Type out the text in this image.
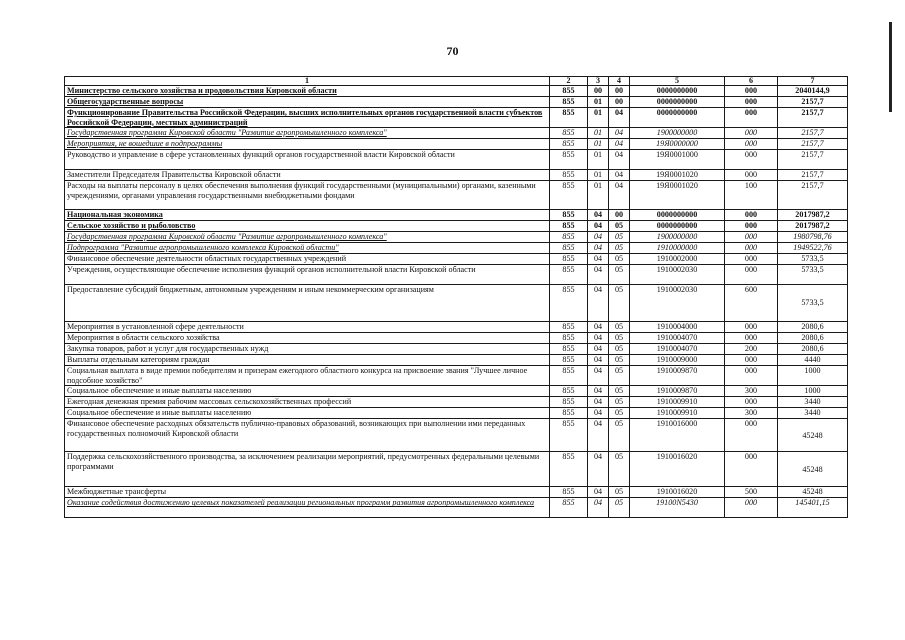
70
1	2	3	4	5	6	7
Министерство сельского хозяйства и продовольствия Кировской области	855	00	00	0000000000	000	2040144,9
Общегосударственные вопросы	855	01	00	0000000000	000	2157,7
Функционирование Правительства Российской Федерации, высших исполнительных органов государственной власти субъектов Российской Федерации, местных администраций	855	01	04	0000000000	000	2157,7
Государственная программа Кировской области "Развитие агропромышленного комплекса"	855	01	04	1900000000	000	2157,7
Мероприятия, не вошедшие в подпрограммы	855	01	04	19Я0000000	000	2157,7
Руководство и управление в сфере установленных функций органов государственной власти Кировской области	855	01	04	19Я0001000	000	2157,7
Заместители Председателя Правительства Кировской области	855	01	04	19Я0001020	000	2157,7
Расходы на выплаты персоналу в целях обеспечения выполнения функций государственными (муниципальными) органами, казенными учреждениями, органами управления государственными внебюджетными фондами	855	01	04	19Я0001020	100	2157,7
Национальная экономика	855	04	00	0000000000	000	2017987,2
Сельское хозяйство и рыболовство	855	04	05	0000000000	000	2017987,2
Государственная программа Кировской области "Развитие агропромышленного комплекса"	855	04	05	1900000000	000	1980798,76
Подпрограмма "Развитие агропромышленного комплекса Кировской области"	855	04	05	1910000000	000	1949522,76
Финансовое обеспечение деятельности областных государственных учреждений	855	04	05	1910002000	000	5733,5
Учреждения, осуществляющие обеспечение исполнения функций органов исполнительной власти Кировской области	855	04	05	1910002030	000	5733,5
Предоставление субсидий бюджетным, автономным учреждениям и иным некоммерческим организациям	855	04	05	1910002030	600	5733,5
Мероприятия в установленной сфере деятельности	855	04	05	1910004000	000	2080,6
Мероприятия в области сельского хозяйства	855	04	05	1910004070	000	2080,6
Закупка товаров, работ и услуг для государственных нужд	855	04	05	1910004070	200	2080,6
Выплаты отдельным категориям граждан	855	04	05	1910009000	000	4440
Социальная выплата в виде премии победителям и призерам ежегодного областного конкурса на присвоение звания "Лучшее личное подсобное хозяйство"	855	04	05	1910009870	000	1000
Социальное обеспечение и иные выплаты населению	855	04	05	1910009870	300	1000
Ежегодная денежная премия рабочим массовых сельскохозяйственных профессий	855	04	05	1910009910	000	3440
Социальное обеспечение и иные выплаты населению	855	04	05	1910009910	300	3440
Финансовое обеспечение расходных обязательств публично-правовых образований, возникающих при выполнении ими переданных государственных полномочий Кировской области	855	04	05	1910016000	000	45248
Поддержка сельскохозяйственного производства, за исключением реализации мероприятий, предусмотренных федеральными целевыми программами	855	04	05	1910016020	000	45248
Межбюджетные трансферты	855	04	05	1910016020	500	45248
Оказание содействия достижению целевых показателей реализации региональных программ развития агропромышленного комплекса	855	04	05	19100N5430	000	145401,15
